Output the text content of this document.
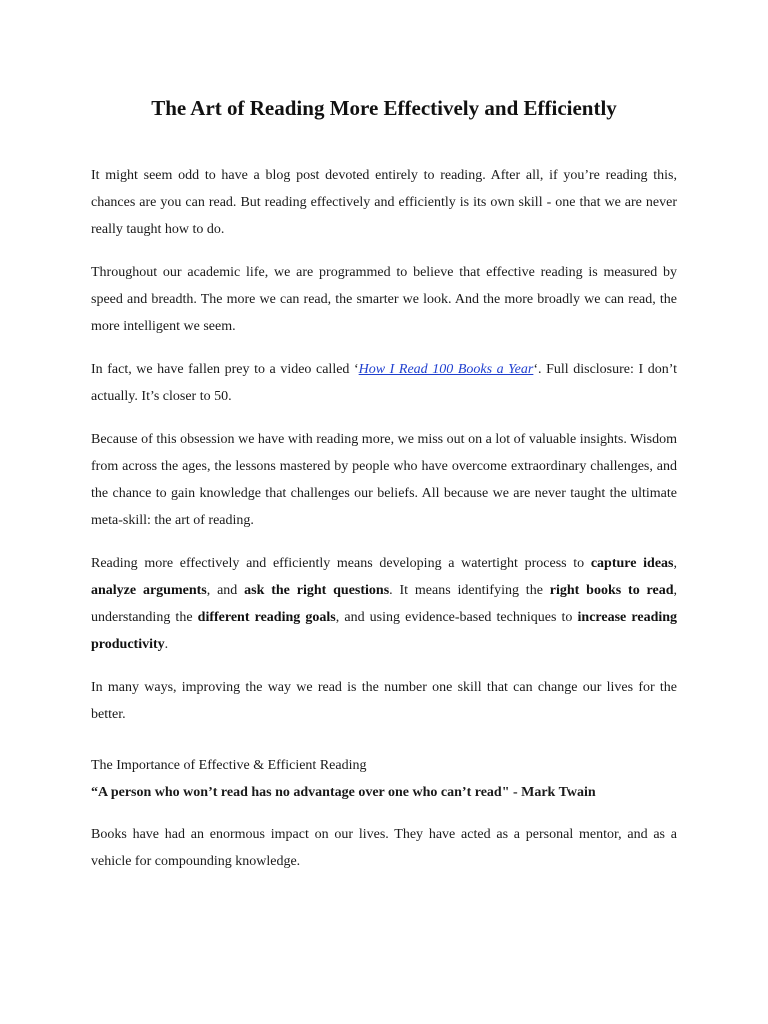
The Art of Reading More Effectively and Efficiently

It might seem odd to have a blog post devoted entirely to reading. After all, if you’re reading this, chances are you can read. But reading effectively and efficiently is its own skill - one that we are never really taught how to do.

Throughout our academic life, we are programmed to believe that effective reading is measured by speed and breadth. The more we can read, the smarter we look. And the more broadly we can read, the more intelligent we seem.

In fact, we have fallen prey to a video called ‘How I Read 100 Books a Year‘. Full disclosure: I don’t actually. It’s closer to 50.

Because of this obsession we have with reading more, we miss out on a lot of valuable insights. Wisdom from across the ages, the lessons mastered by people who have overcome extraordinary challenges, and the chance to gain knowledge that challenges our beliefs. All because we are never taught the ultimate meta-skill: the art of reading.

Reading more effectively and efficiently means developing a watertight process to capture ideas, analyze arguments, and ask the right questions. It means identifying the right books to read, understanding the different reading goals, and using evidence-based techniques to increase reading productivity.

In many ways, improving the way we read is the number one skill that can change our lives for the better.

The Importance of Effective & Efficient Reading
“A person who won’t read has no advantage over one who can’t read" - Mark Twain

Books have had an enormous impact on our lives. They have acted as a personal mentor, and as a vehicle for compounding knowledge.
